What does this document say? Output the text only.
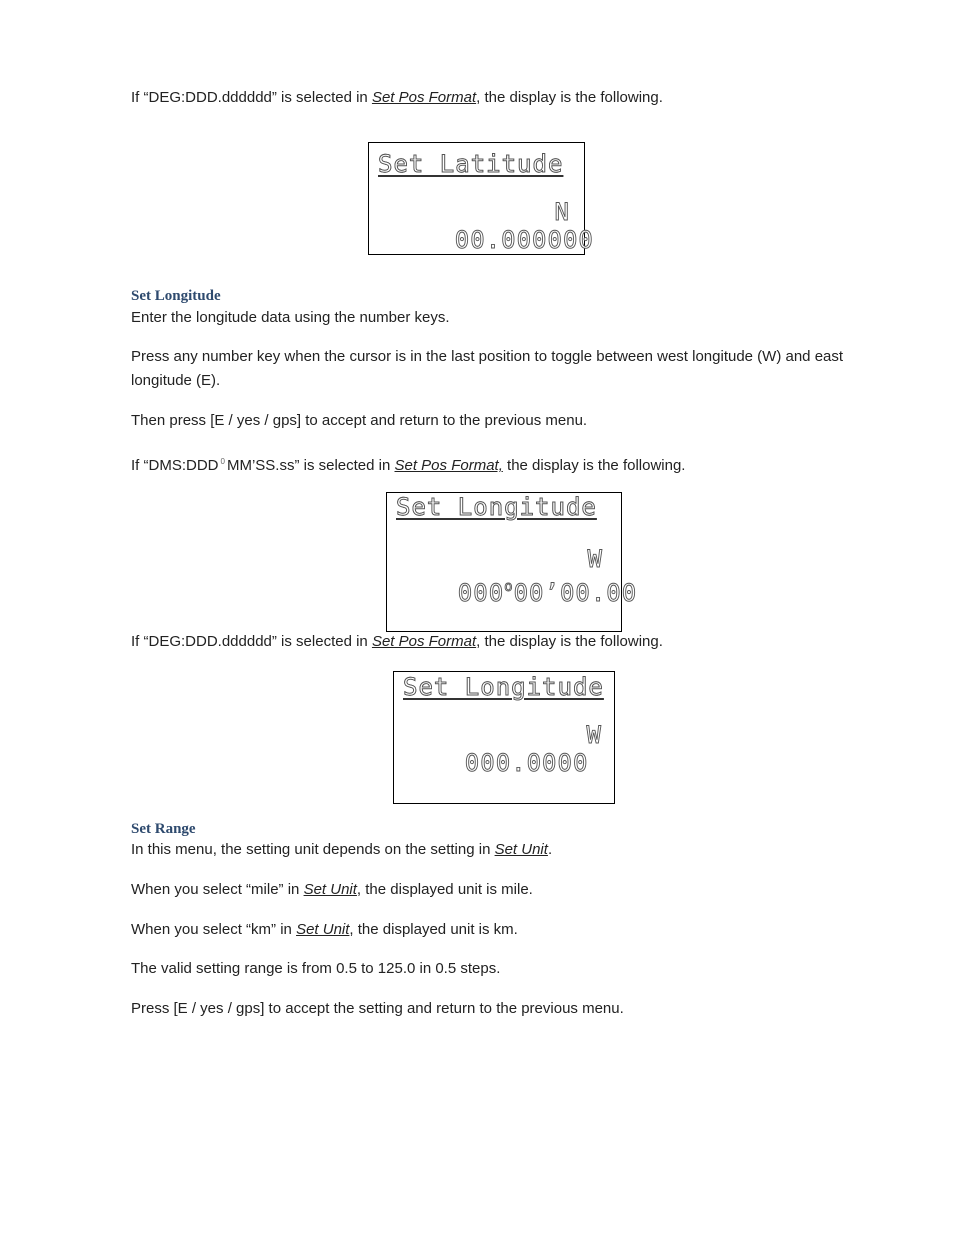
If “DEG:DDD.dddddd” is selected in Set Pos Format, the display is the following.

Set Latitude

00.000000

N

Set Longitude

Enter the longitude data using the number keys.

Press any number key when the cursor is in the last position to toggle between west longitude (W) and east longitude (E).

Then press [E / yes / gps] to accept and return to the previous menu.

If “DMS:DDD $^0$ MM’SS.ss” is selected in Set Pos Format, the display is the following.

Set Longitude

000$^o$00’00.00

W

If “DEG:DDD.dddddd” is selected in Set Pos Format, the display is the following.

Set Longitude

000.0000

W

Set Range

In this menu, the setting unit depends on the setting in Set Unit.

When you select “mile” in Set Unit, the displayed unit is mile.

When you select “km” in Set Unit, the displayed unit is km.

The valid setting range is from 0.5 to 125.0 in 0.5 steps.

Press [E / yes / gps] to accept the setting and return to the previous menu.
